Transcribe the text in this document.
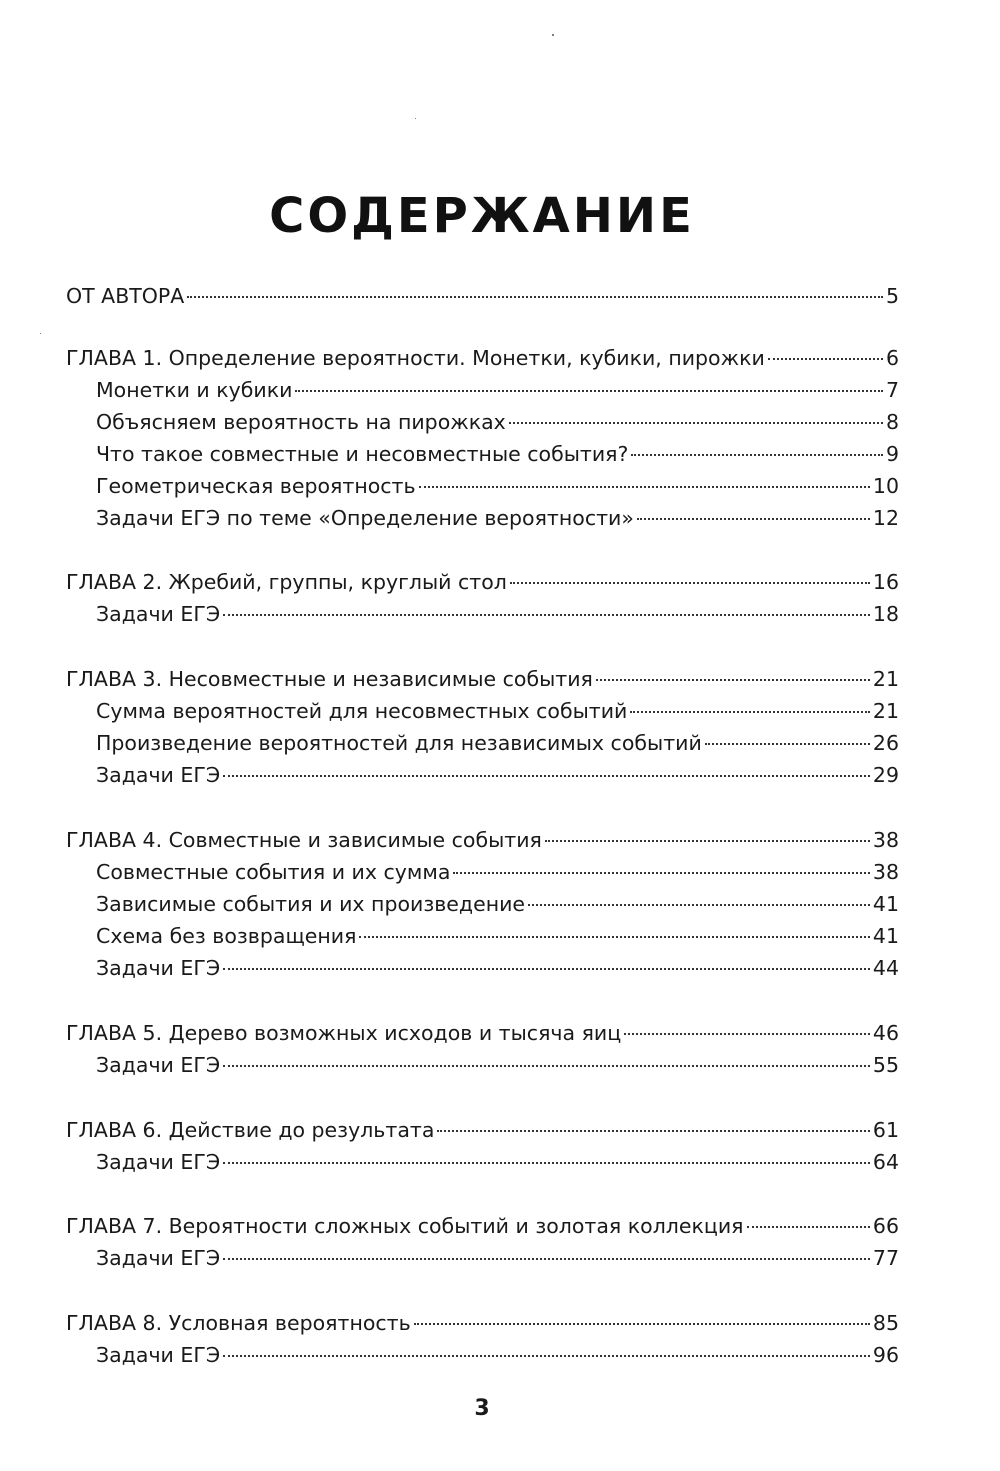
СОДЕРЖАНИЕ
ОТ АВТОРА	5
ГЛАВА 1. Определение вероятности. Монетки, кубики, пирожки	6
Монетки и кубики	7
Объясняем вероятность на пирожках	8
Что такое совместные и несовместные события?	9
Геометрическая вероятность	10
Задачи ЕГЭ по теме «Определение вероятности»	12
ГЛАВА 2. Жребий, группы, круглый стол	16
Задачи ЕГЭ	18
ГЛАВА 3. Несовместные и независимые события	21
Сумма вероятностей для несовместных событий	21
Произведение вероятностей для независимых событий	26
Задачи ЕГЭ	29
ГЛАВА 4. Совместные и зависимые события	38
Совместные события и их сумма	38
Зависимые события и их произведение	41
Схема без возвращения	41
Задачи ЕГЭ	44
ГЛАВА 5. Дерево возможных исходов и тысяча яиц	46
Задачи ЕГЭ	55
ГЛАВА 6. Действие до результата	61
Задачи ЕГЭ	64
ГЛАВА 7. Вероятности сложных событий и золотая коллекция	66
Задачи ЕГЭ	77
ГЛАВА 8. Условная вероятность	85
Задачи ЕГЭ	96
3
